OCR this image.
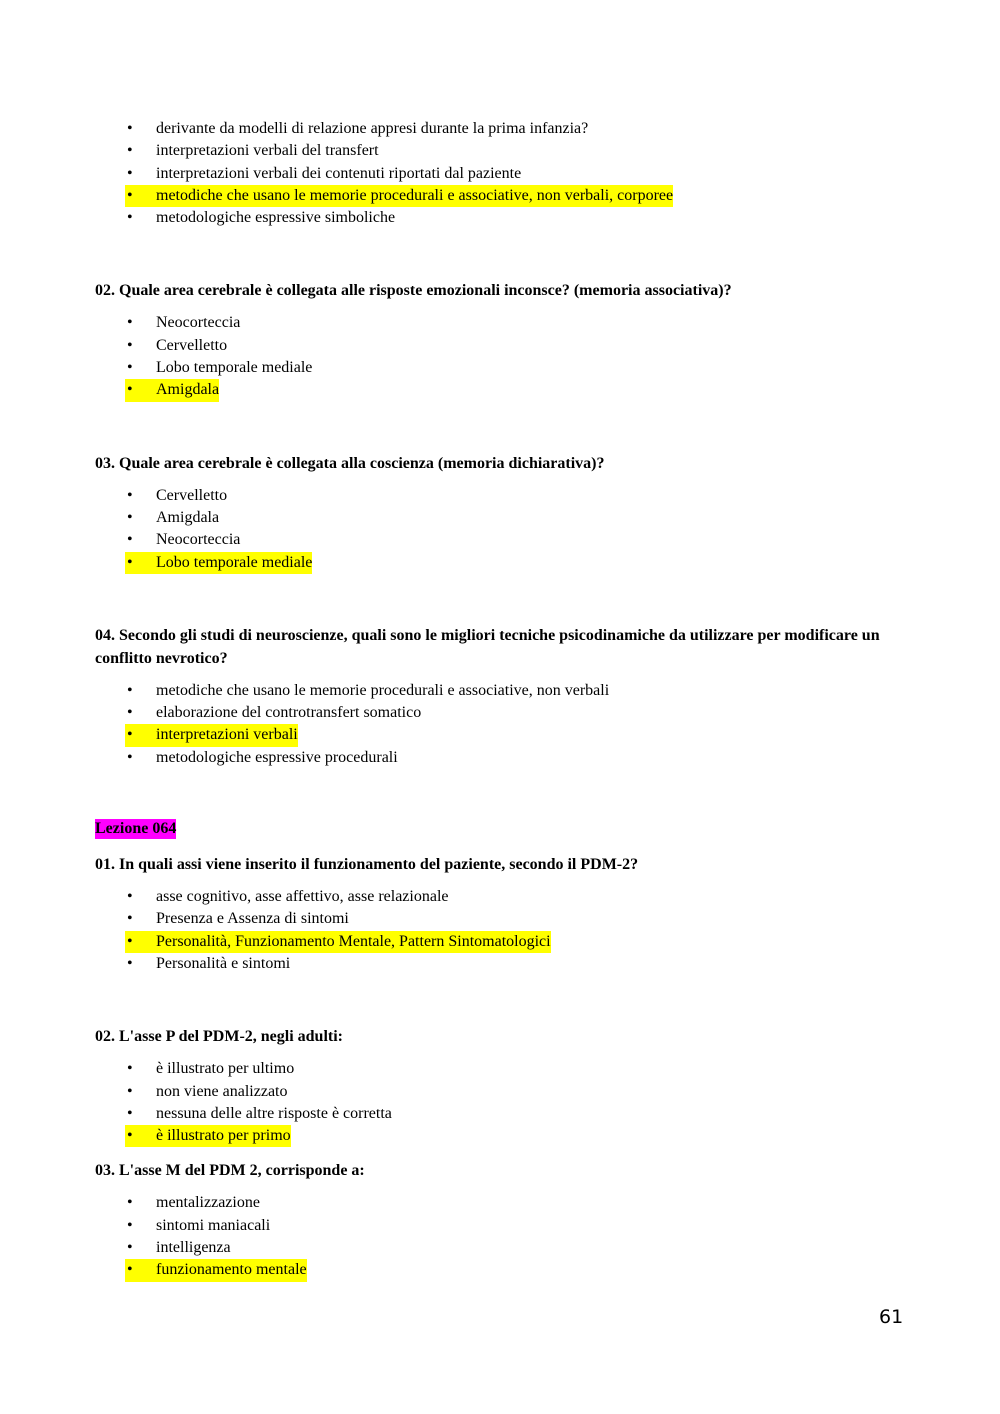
•	derivante da modelli di relazione appresi durante la prima infanzia?
•	interpretazioni verbali del transfert
•	interpretazioni verbali dei contenuti riportati dal paziente
•	metodiche che usano le memorie procedurali e associative, non verbali, corporee
•	metodologiche espressive simboliche

02. Quale area cerebrale è collegata alle risposte emozionali inconsce? (memoria associativa)?

•	Neocorteccia
•	Cervelletto
•	Lobo temporale mediale
•	Amigdala

03. Quale area cerebrale è collegata alla coscienza (memoria dichiarativa)?

•	Cervelletto
•	Amigdala
•	Neocorteccia
•	Lobo temporale mediale

04. Secondo gli studi di neuroscienze, quali sono le migliori tecniche psicodinamiche da utilizzare per modificare un conflitto nevrotico?

•	metodiche che usano le memorie procedurali e associative, non verbali
•	elaborazione del controtransfert somatico
•	interpretazioni verbali
•	metodologiche espressive procedurali
Lezione 064

01. In quali assi viene inserito il funzionamento del paziente, secondo il PDM-2?

•	asse cognitivo, asse affettivo, asse relazionale
•	Presenza e Assenza di sintomi
•	Personalità, Funzionamento Mentale, Pattern Sintomatologici
•	Personalità e sintomi

02. L'asse P del PDM-2, negli adulti:

•	è illustrato per ultimo
•	non viene analizzato
•	nessuna delle altre risposte è corretta
•	è illustrato per primo

03. L'asse M del PDM 2, corrisponde a:

•	mentalizzazione
•	sintomi maniacali
•	intelligenza
•	funzionamento mentale
61
